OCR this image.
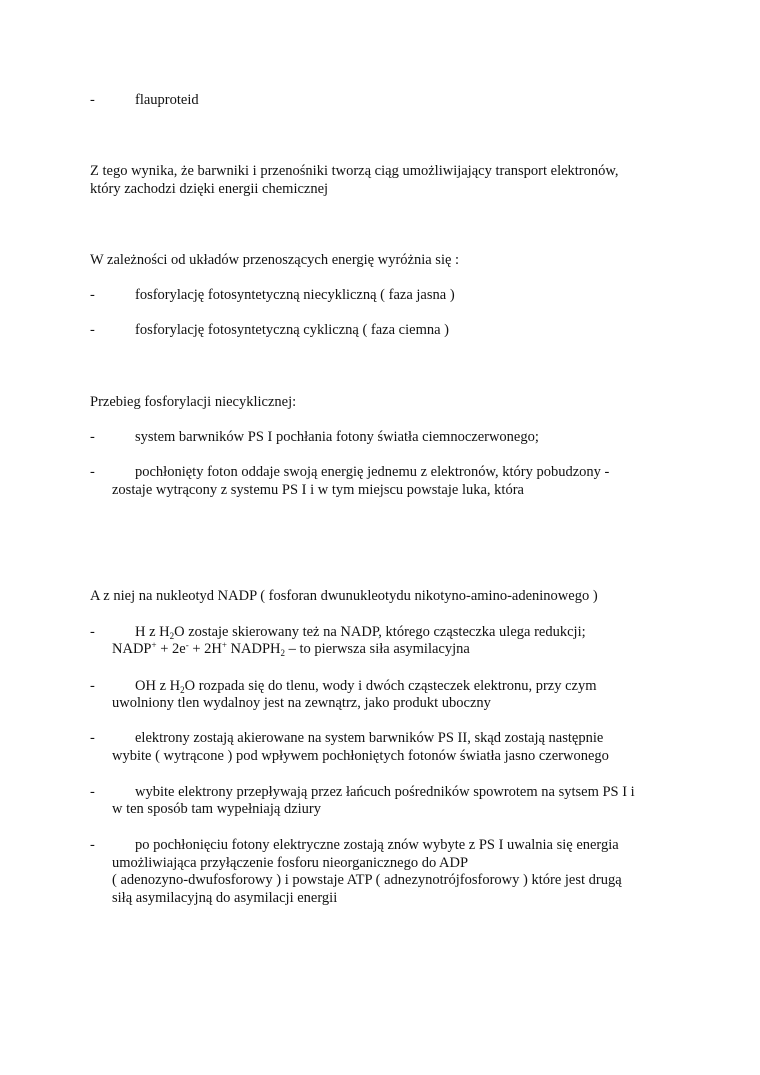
-	flauproteid
Z tego wynika, że barwniki i przenośniki tworzą ciąg umożliwijający transport elektronów,
który zachodzi dzięki energii chemicznej
W zależności od układów przenoszących energię wyróżnia się :
-	fosforylację fotosyntetyczną niecykliczną ( faza jasna )
-	fosforylację fotosyntetyczną cykliczną ( faza ciemna )
Przebieg fosforylacji niecyklicznej:
-	system barwników PS I pochłania fotony światła ciemnoczerwonego;
-	pochłonięty foton oddaje swoją energię jednemu z elektronów, który pobudzony -
zostaje wytrącony z systemu PS I i w tym miejscu powstaje luka, która
A z niej na nukleotyd NADP ( fosforan dwunukleotydu nikotyno-amino-adeninowego )
-	H z $H_2O$ zostaje skierowany też na NADP, którego cząsteczka ulega redukcji;
NADP+ + 2e- + 2H+ $NADPH_2$ – to pierwsza siła asymilacyjna
-	OH z $H_2O$ rozpada się do tlenu, wody i dwóch cząsteczek elektronu, przy czym
uwolniony tlen wydalnoy jest na zewnątrz, jako produkt uboczny
-	elektrony zostają akierowane na system barwników PS II, skąd zostają następnie
wybite ( wytrącone ) pod wpływem pochłoniętych fotonów światła jasno czerwonego
-	wybite elektrony przepływają przez łańcuch pośredników spowrotem na sytsem PS I i
w ten sposób tam wypełniają dziury
-	po pochłonięciu fotony elektryczne zostają znów wybyte z PS I uwalnia się energia
umożliwiająca przyłączenie fosforu nieorganicznego do ADP
( adenozyno-dwufosforowy ) i powstaje ATP ( adnezynotrójfosforowy ) które jest drugą
siłą asymilacyjną do asymilacji energii
